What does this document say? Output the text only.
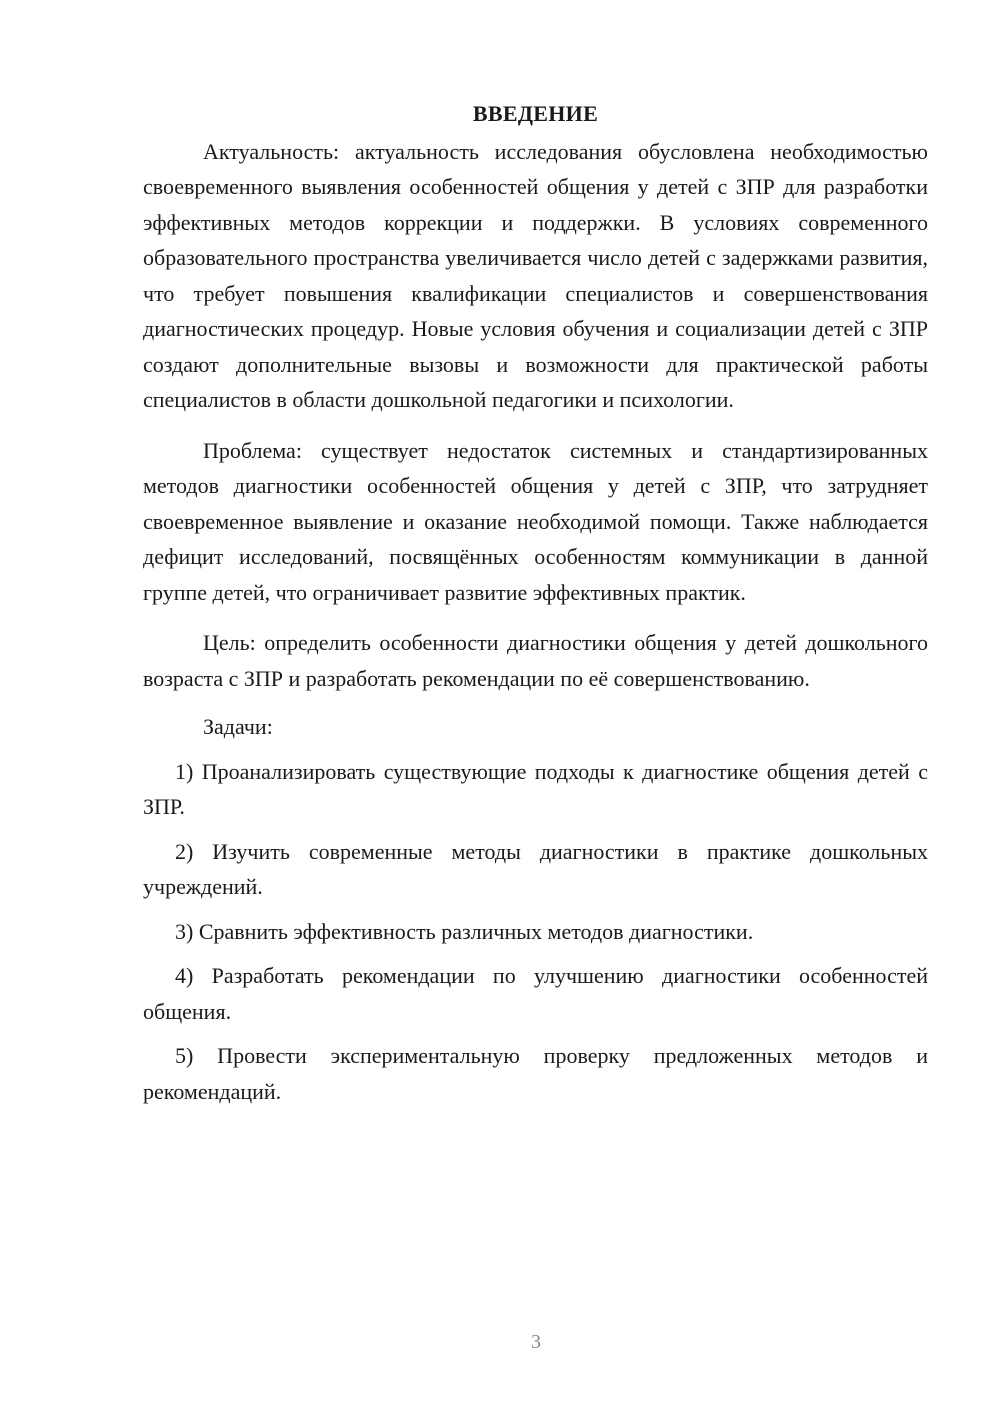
ВВЕДЕНИЕ

Актуальность: актуальность исследования обусловлена необходимостью своевременного выявления особенностей общения у детей с ЗПР для разработки эффективных методов коррекции и поддержки. В условиях современного образовательного пространства увеличивается число детей с задержками развития, что требует повышения квалификации специалистов и совершенствования диагностических процедур. Новые условия обучения и социализации детей с ЗПР создают дополнительные вызовы и возможности для практической работы специалистов в области дошкольной педагогики и психологии.

Проблема: существует недостаток системных и стандартизированных методов диагностики особенностей общения у детей с ЗПР, что затрудняет своевременное выявление и оказание необходимой помощи. Также наблюдается дефицит исследований, посвящённых особенностям коммуникации в данной группе детей, что ограничивает развитие эффективных практик.

Цель: определить особенности диагностики общения у детей дошкольного возраста с ЗПР и разработать рекомендации по её совершенствованию.

Задачи:

1) Проанализировать существующие подходы к диагностике общения детей с ЗПР.

2) Изучить современные методы диагностики в практике дошкольных учреждений.

3) Сравнить эффективность различных методов диагностики.

4) Разработать рекомендации по улучшению диагностики особенностей общения.

5) Провести экспериментальную проверку предложенных методов и рекомендаций.

3
